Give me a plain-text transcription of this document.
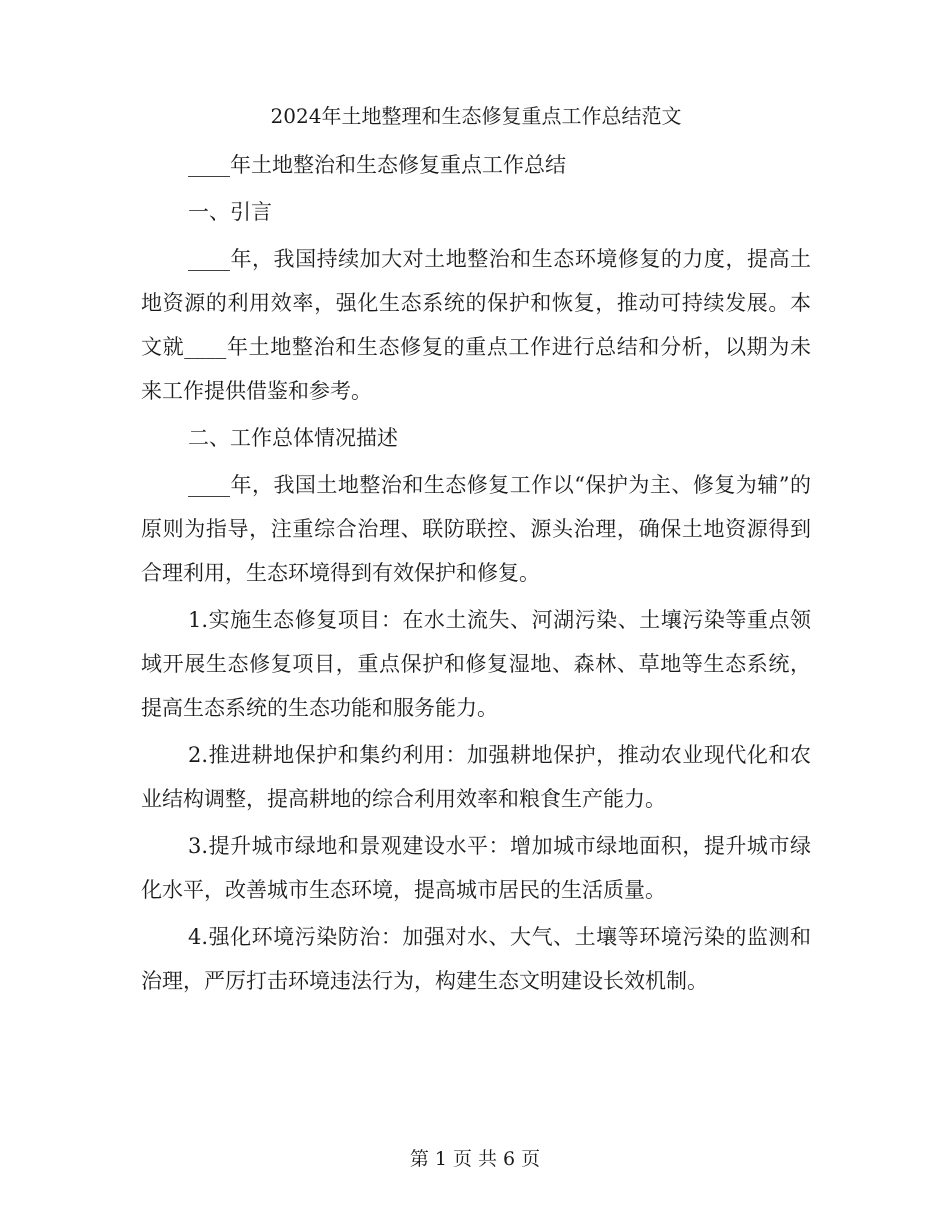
2024年土地整理和生态修复重点工作总结范文

____年土地整治和生态修复重点工作总结

一、引言

____年，我国持续加大对土地整治和生态环境修复的力度，提高土地资源的利用效率，强化生态系统的保护和恢复，推动可持续发展。本文就____年土地整治和生态修复的重点工作进行总结和分析，以期为未来工作提供借鉴和参考。

二、工作总体情况描述

____年，我国土地整治和生态修复工作以“保护为主、修复为辅”的原则为指导，注重综合治理、联防联控、源头治理，确保土地资源得到合理利用，生态环境得到有效保护和修复。

1.实施生态修复项目：在水土流失、河湖污染、土壤污染等重点领域开展生态修复项目，重点保护和修复湿地、森林、草地等生态系统，提高生态系统的生态功能和服务能力。

2.推进耕地保护和集约利用：加强耕地保护，推动农业现代化和农业结构调整，提高耕地的综合利用效率和粮食生产能力。

3.提升城市绿地和景观建设水平：增加城市绿地面积，提升城市绿化水平，改善城市生态环境，提高城市居民的生活质量。

4.强化环境污染防治：加强对水、大气、土壤等环境污染的监测和治理，严厉打击环境违法行为，构建生态文明建设长效机制。

第 1 页 共 6 页
